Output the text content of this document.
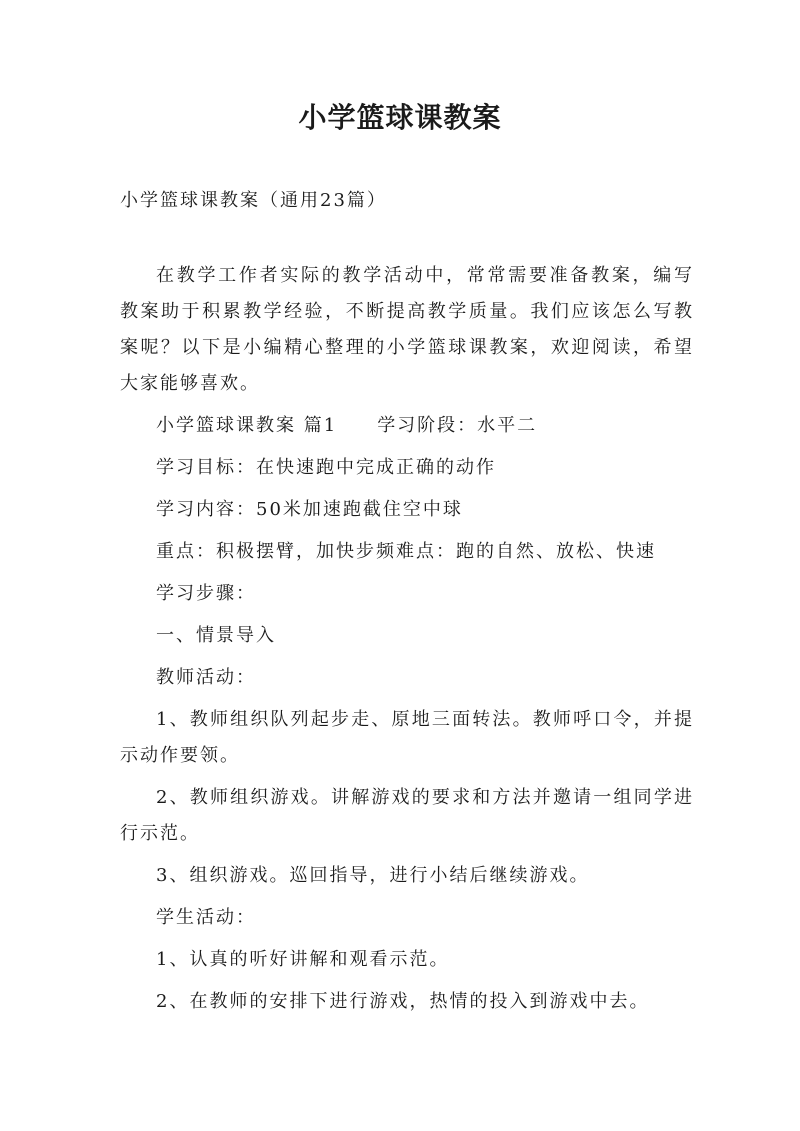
小学篮球课教案
小学篮球课教案（通用23篇）

在教学工作者实际的教学活动中，常常需要准备教案，编写教案助于积累教学经验，不断提高教学质量。我们应该怎么写教案呢？以下是小编精心整理的小学篮球课教案，欢迎阅读，希望大家能够喜欢。

小学篮球课教案 篇1 学习阶段：水平二

学习目标：在快速跑中完成正确的动作

学习内容：50米加速跑截住空中球

重点：积极摆臂，加快步频难点：跑的自然、放松、快速

学习步骤：

一、情景导入

教师活动：

1、教师组织队列起步走、原地三面转法。教师呼口令，并提示动作要领。

2、教师组织游戏。讲解游戏的要求和方法并邀请一组同学进行示范。

3、组织游戏。巡回指导，进行小结后继续游戏。

学生活动：

1、认真的听好讲解和观看示范。

2、在教师的安排下进行游戏，热情的投入到游戏中去。
